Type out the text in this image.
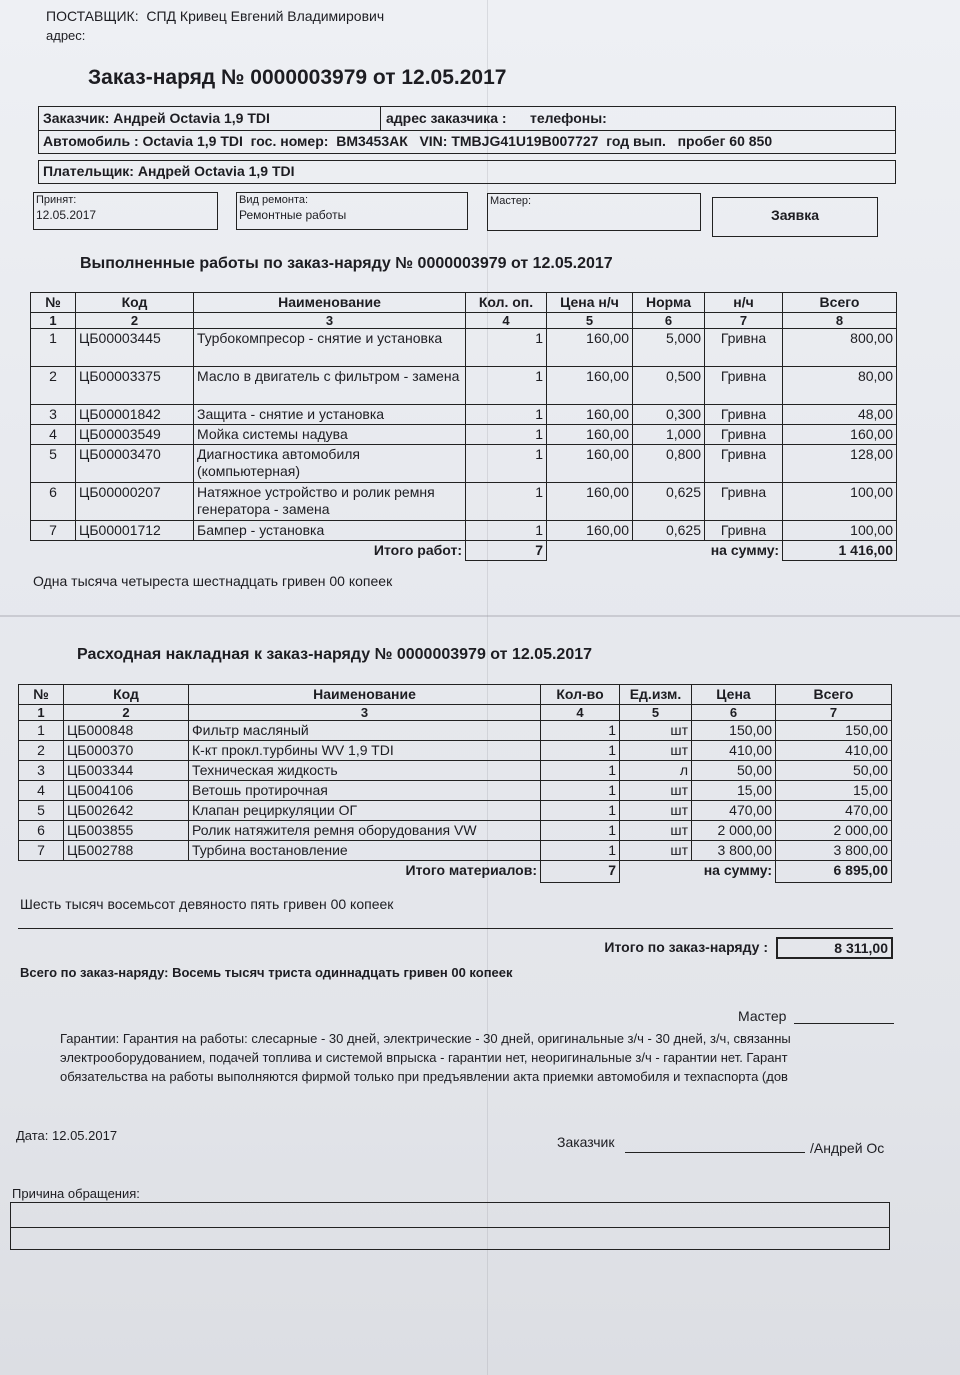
ПОСТАВЩИК: СПД Кривец Евгений Владимирович
адрес:
Заказ-наряд № 0000003979 от 12.05.2017
Заказчик: Андрей Octavia 1,9 TDI	адрес заказчика : телефоны:
Автомобиль : Octavia 1,9 TDI гос. номер: ВМ3453АК VIN: TMBJG41U19B007727 год вып. пробег 60 850
Плательщик: Андрей Octavia 1,9 TDI
Принят:
12.05.2017
Вид ремонта:
Ремонтные работы
Мастер:
Заявка
Выполненные работы по заказ-наряду № 0000003979 от 12.05.2017
№	Код	Наименование	Кол. оп.	Цена н/ч	Норма	н/ч	Всего
1	2	3	4	5	6	7	8
1	ЦБ00003445	Турбокомпресор - снятие и установка	1	160,00	5,000	Гривна	800,00
2	ЦБ00003375	Масло в двигатель с фильтром - замена	1	160,00	0,500	Гривна	80,00
3	ЦБ00001842	Защита - снятие и установка	1	160,00	0,300	Гривна	48,00
4	ЦБ00003549	Мойка системы надува	1	160,00	1,000	Гривна	160,00
5	ЦБ00003470	Диагностика автомобиля (компьютерная)	1	160,00	0,800	Гривна	128,00
6	ЦБ00000207	Натяжное устройство и ролик ремня генератора - замена	1	160,00	0,625	Гривна	100,00
7	ЦБ00001712	Бампер - установка	1	160,00	0,625	Гривна	100,00
		Итого работ:	7		на сумму:		1 416,00
Одна тысяча четыреста шестнадцать гривен 00 копеек
Расходная накладная к заказ-наряду № 0000003979 от 12.05.2017
№	Код	Наименование	Кол-во	Ед.изм.	Цена	Всего
1	2	3	4	5	6	7
1	ЦБ000848	Фильтр масляный	1	шт	150,00	150,00
2	ЦБ000370	К-кт прокл.турбины WV 1,9 TDI	1	шт	410,00	410,00
3	ЦБ003344	Техническая жидкость	1	л	50,00	50,00
4	ЦБ004106	Ветошь протирочная	1	шт	15,00	15,00
5	ЦБ002642	Клапан рециркуляции ОГ	1	шт	470,00	470,00
6	ЦБ003855	Ролик натяжителя ремня оборудования VW	1	шт	2 000,00	2 000,00
7	ЦБ002788	Турбина востановление	1	шт	3 800,00	3 800,00
		Итого материалов:	7	на сумму:		6 895,00
Шесть тысяч восемьсот девяносто пять гривен 00 копеек
Итого по заказ-наряду :	8 311,00
Всего по заказ-наряду: Восемь тысяч триста одиннадцать гривен 00 копеек
Мастер
Гарантии: Гарантия на работы: слесарные - 30 дней, электрические - 30 дней, оригинальные з/ч - 30 дней, з/ч, связанны
электрооборудованием, подачей топлива и системой впрыска - гарантии нет, неоригинальные з/ч - гарантии нет. Гарант
обязательства на работы выполняются фирмой только при предъявлении акта приемки автомобиля и техпаспорта (дов
Дата: 12.05.2017	Заказчик	/Андрей Oc
Причина обращения:
